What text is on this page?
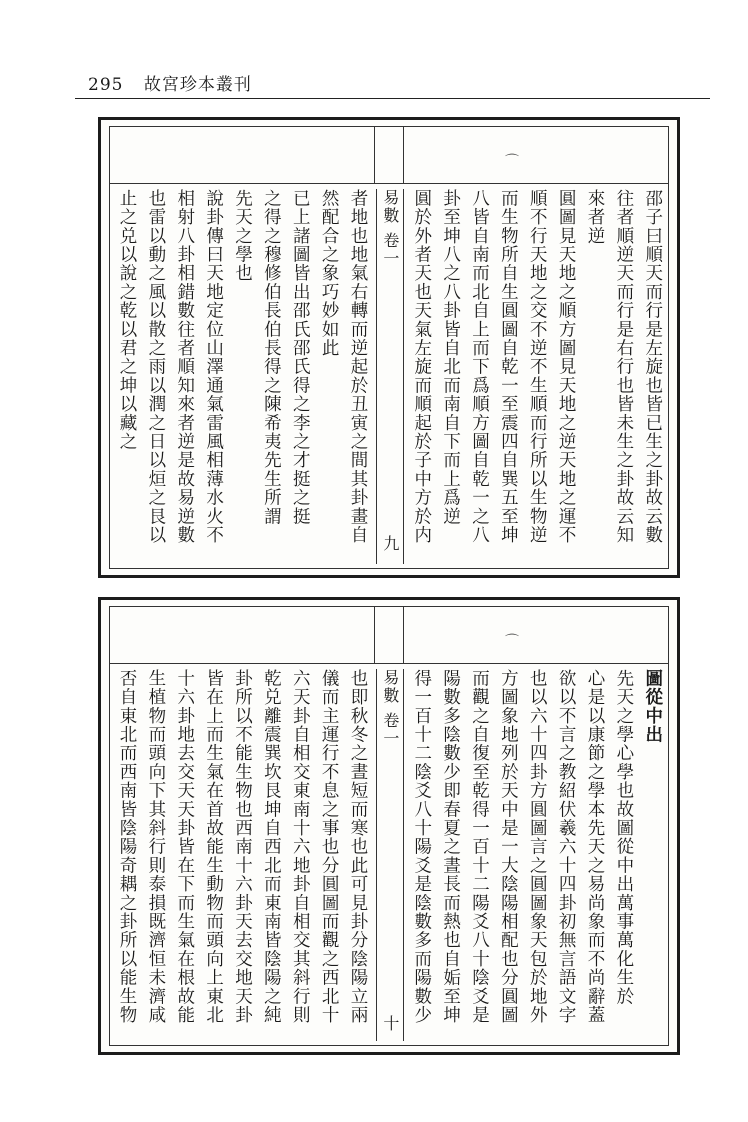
295 故宮珍本叢刊
⌒
邵子曰順天而行是左旋也皆已生之卦故云數
往者順逆天而行是右行也皆未生之卦故云知
來者逆
圓圖見天地之順方圖見天地之逆天地之運不
順不行天地之交不逆不生順而行所以生物逆
而生物所自生圓圖自乾一至震四自巽五至坤
八皆自南而北自上而下爲順方圖自乾一之八
卦至坤八之八卦皆自北而南自下而上爲逆
圓於外者天也天氣左旋而順起於子中方於内
易數 卷一 九
者地也地氣右轉而逆起於丑寅之間其卦畫自
然配合之象巧妙如此
已上諸圖皆出邵氏邵氏得之李之才挺之挺
之得之穆修伯長伯長得之陳希夷先生所謂
先天之學也
說卦傳曰天地定位山澤通氣雷風相薄水火不
相射八卦相錯數往者順知來者逆是故易逆數
也雷以動之風以散之雨以潤之日以烜之艮以
止之兑以說之乾以君之坤以藏之
⌒
圖從中出
先天之學心學也故圖從中出萬事萬化生於
心是以康節之學本先天之易尚象而不尚辭蓋
欲以不言之教紹伏羲六十四卦初無言語文字
也以六十四卦方圓圖言之圓圖象天包於地外
方圖象地列於天中是一大陰陽相配也分圓圖
而觀之自復至乾得一百十二陽爻八十陰爻是
陽數多陰數少即春夏之晝長而熱也自姤至坤
得一百十二陰爻八十陽爻是陰數多而陽數少
易數 卷一 十
也即秋冬之晝短而寒也此可見卦分陰陽立兩
儀而主運行不息之事也分圓圖而觀之西北十
六天卦自相交東南十六地卦自相交其斜行則
乾兑離震巽坎艮坤自西北而東南皆陰陽之純
卦所以不能生物也西南十六卦天去交地天卦
皆在上而生氣在首故能生動物而頭向上東北
十六卦地去交天天卦皆在下而生氣在根故能
生植物而頭向下其斜行則泰損既濟恒未濟咸
否自東北而西南皆陰陽奇耦之卦所以能生物
